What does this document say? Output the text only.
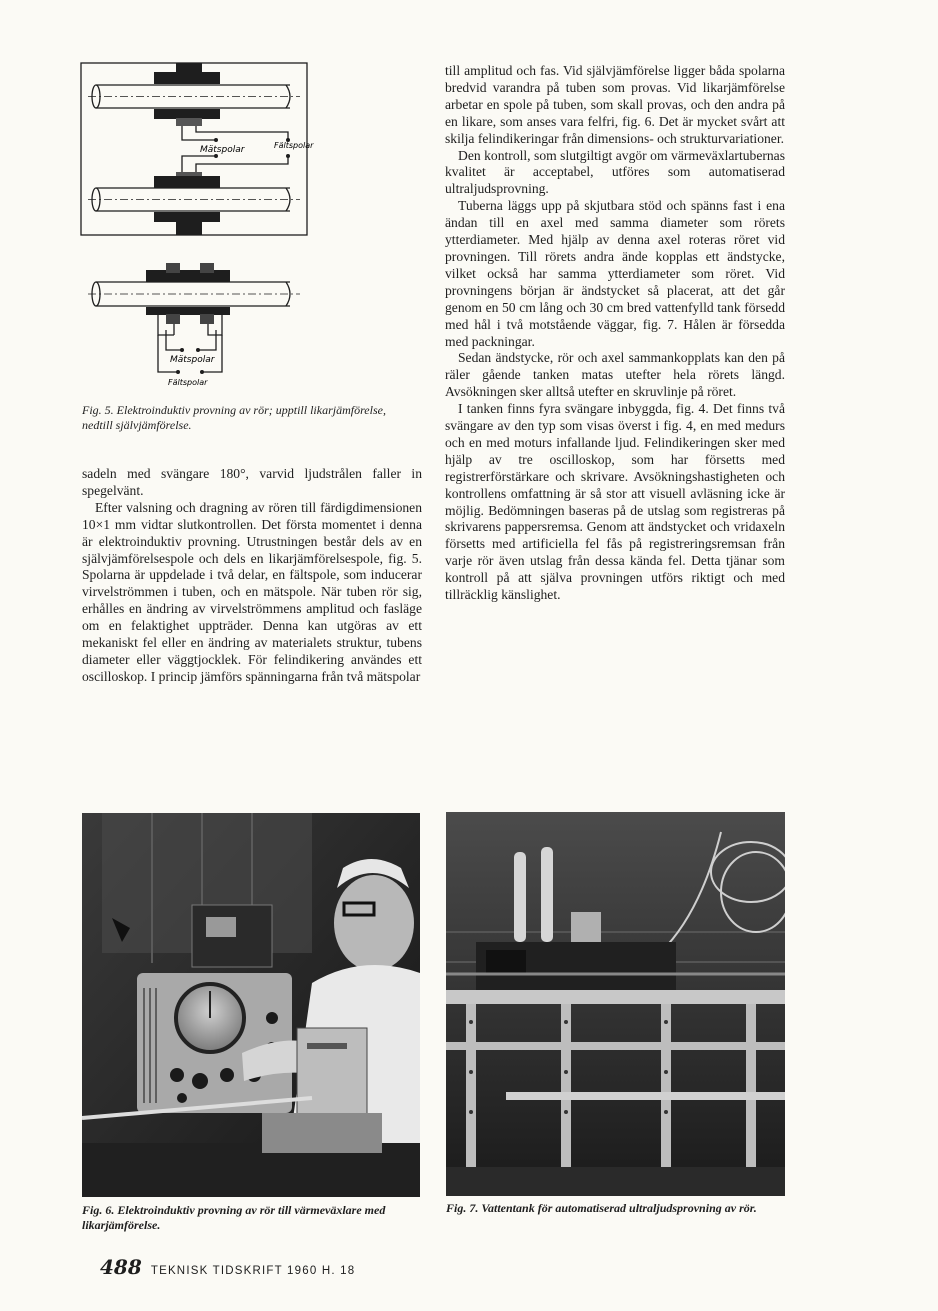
Mätspolar	Fältspolar
Mätspolar
Fältspolar
Fig. 5. Elektroinduktiv provning av rör; upptill likarjämförelse, nedtill självjämförelse.

sadeln med svängare 180°, varvid ljudstrålen faller in spegelvänt.

Efter valsning och dragning av rören till färdigdimensionen 10×1 mm vidtar slutkontrollen. Det första momentet i denna är elektroinduktiv provning. Utrustningen består dels av en självjämförelsespole och dels en likarjämförelsespole, fig. 5. Spolarna är uppdelade i två delar, en fältspole, som inducerar virvelströmmen i tuben, och en mätspole. När tuben rör sig, erhålles en ändring av virvelströmmens amplitud och fasläge om en felaktighet uppträder. Denna kan utgöras av ett mekaniskt fel eller en ändring av materialets struktur, tubens diameter eller väggtjocklek. För felindikering användes ett oscilloskop. I princip jämförs spänningarna från två mätspolar

till amplitud och fas. Vid självjämförelse ligger båda spolarna bredvid varandra på tuben som provas. Vid likarjämförelse arbetar en spole på tuben, som skall provas, och den andra på en likare, som anses vara felfri, fig. 6. Det är mycket svårt att skilja felindikeringar från dimensions- och strukturvariationer.

Den kontroll, som slutgiltigt avgör om värmeväxlartubernas kvalitet är acceptabel, utföres som automatiserad ultraljudsprovning.

Tuberna läggs upp på skjutbara stöd och spänns fast i ena ändan till en axel med samma diameter som rörets ytterdiameter. Med hjälp av denna axel roteras röret vid provningen. Till rörets andra ände kopplas ett ändstycke, vilket också har samma ytterdiameter som röret. Vid provningens början är ändstycket så placerat, att det går genom en 50 cm lång och 30 cm bred vattenfylld tank försedd med hål i två motstående väggar, fig. 7. Hålen är försedda med packningar.

Sedan ändstycke, rör och axel sammankopplats kan den på räler gående tanken matas utefter hela rörets längd. Avsökningen sker alltså utefter en skruvlinje på röret.

I tanken finns fyra svängare inbyggda, fig. 4. Det finns två svängare av den typ som visas överst i fig. 4, en med medurs och en med moturs infallande ljud. Felindikeringen sker med hjälp av tre oscilloskop, som har försetts med registrerförstärkare och skrivare. Avsökningshastigheten och kontrollens omfattning är så stor att visuell avläsning icke är möjlig. Bedömningen baseras på de utslag som registreras på skrivarens pappersremsa. Genom att ändstycket och vridaxeln försetts med artificiella fel fås på registreringsremsan från varje rör även utslag från dessa kända fel. Detta tjänar som kontroll på att själva provningen utförs riktigt och med tillräcklig känslighet.

Fig. 6. Elektroinduktiv provning av rör till värmeväxlare med likarjämförelse.
Fig. 7. Vattentank för automatiserad ultraljudsprovning av rör.
488 TEKNISK TIDSKRIFT 1960 H. 18
